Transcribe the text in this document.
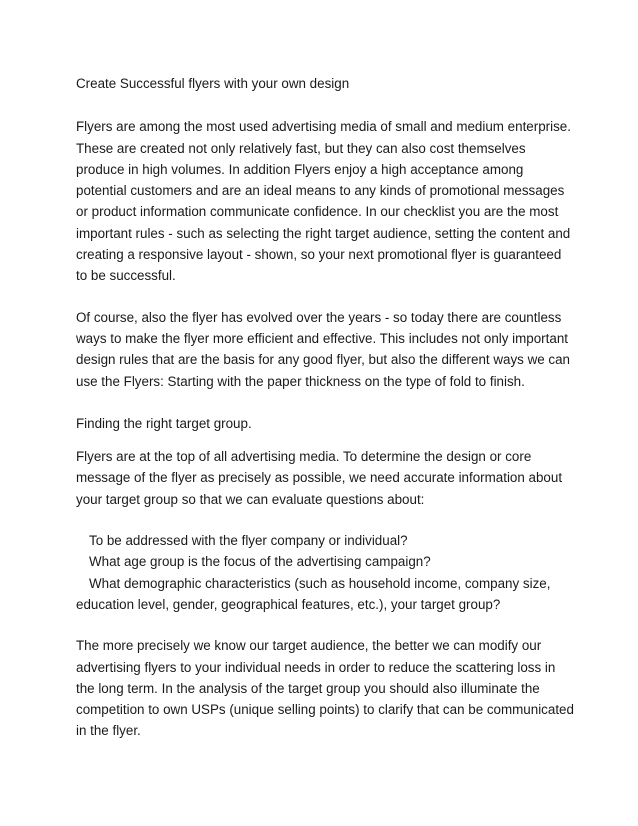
Create Successful flyers with your own design

Flyers are among the most used advertising media of small and medium enterprise. These are created not only relatively fast, but they can also cost themselves produce in high volumes. In addition Flyers enjoy a high acceptance among potential customers and are an ideal means to any kinds of promotional messages or product information communicate confidence. In our checklist you are the most important rules - such as selecting the right target audience, setting the content and creating a responsive layout - shown, so your next promotional flyer is guaranteed to be successful.

Of course, also the flyer has evolved over the years - so today there are countless ways to make the flyer more efficient and effective. This includes not only important design rules that are the basis for any good flyer, but also the different ways we can use the Flyers: Starting with the paper thickness on the type of fold to finish.

Finding the right target group.

Flyers are at the top of all advertising media. To determine the design or core message of the flyer as precisely as possible, we need accurate information about your target group so that we can evaluate questions about:

To be addressed with the flyer company or individual?
What age group is the focus of the advertising campaign?
What demographic characteristics (such as household income, company size,
education level, gender, geographical features, etc.), your target group?

The more precisely we know our target audience, the better we can modify our advertising flyers to your individual needs in order to reduce the scattering loss in the long term. In the analysis of the target group you should also illuminate the competition to own USPs (unique selling points) to clarify that can be communicated in the flyer.
